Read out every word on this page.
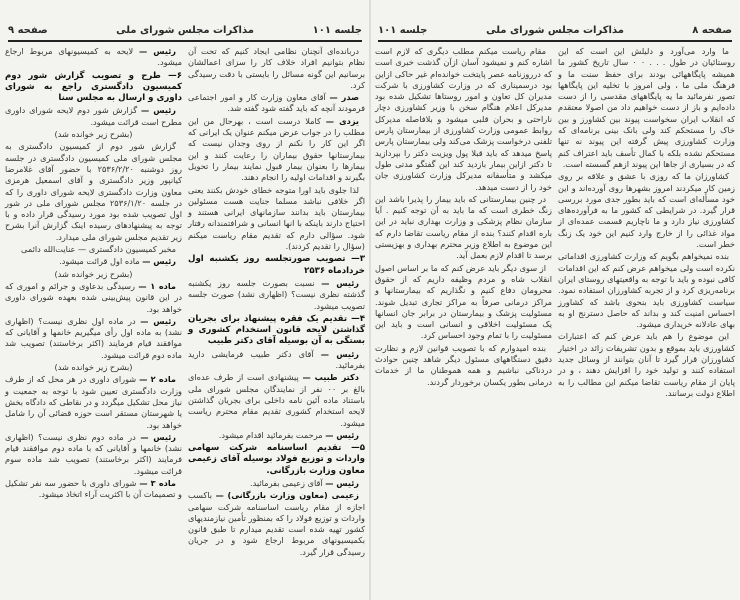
جلسه ۱۰۱
مذاکرات مجلس شورای ملی
صفحه ۹

دربانده‌ای آنچنان نظامی ایجاد کنیم که تحت آن نظام بتوانیم افراد خلاف کار را سزای اعمالشان برسانیم این گونه مسائل را بایستی با دقت رسیدگی کرد.

صدر — آقای معاون وزارت کار و امور اجتماعی فرمودند آنچه که باید گفته شود گفته شد.

یزدی — کاملا درست است ، بهرحال من این مطلب را در جواب عرض میکنم عنوان یک ایرانی که اگر این کار را نکنم از روی وجدان نیست که بیمارستانها حقوق بیماران را رعایت کنند و این بیمارها را بعنوان بیمار قبول نمایند بیمار را تحویل بگیرند و اقدامات اولیه را انجام دهند.

لذا جلوی باید اورا متوجه خطای خودش بکنند یعنی اگر خلافی نباشد مسلما جنایت هست مسئولین بیمارستان باید بدانند سازمانهای ایرانی هستند و احتیاج دارند باینکه با انها انسانی و شرافتمندانه رفتار شود. سؤالی دارم که تقدیم مقام ریاست میکنم (سؤال را تقدیم کردند).

۳— تصویب صورتجلسه روز یکشنبه اول خردادماه ۲۵۳۶

رئیس — نسبت بصورت جلسه روز یکشنبه گذشته نظری نیست؟ (اظهاری نشد) صورت جلسه تصویب میشود.

۴— تقدیم یک فقره پیشنهاد برای بجریان گذاشتن لایحه قانون استخدام کشوری و بستگی به آن بوسیله آقای دکتر طبیب

رئیس — آقای دکتر طبیب فرمایشی دارید بفرمائید.

دکتر طبیب — پیشنهادی است از طرف عده‌ای بالغ بر ۰۰ نفر از نمایندگان مجلس شورای ملی باستناد ماده آئین نامه داخلی برای بجریان گذاشتن لایحه استخدام کشوری تقدیم مقام محترم ریاست میشود.

رئیس — مرحمت بفرمائید اقدام میشود.

۵— تقدیم اساسنامه شرکت سهامی واردات و توزیع فولاد بوسیله آقای زعیمی معاون وزارت بازرگانی.

رئیس — آقای زعیمی بفرمائید.

زعیمی (معاون وزارت بازرگانی) — باکسب اجازه از مقام ریاست اساسنامه شرکت سهامی واردات و توزیع فولاد را که بمنظور تأمین نیازمندیهای کشور تهیه شده است تقدیم میدارم تا طبق قانون بکمیسیونهای مربوط ارجاع شود و در جریان رسیدگی قرار گیرد.

رئیس — لایحه به کمیسیونهای مربوط ارجاع میشود.

۶— طرح و تصویب گزارش شور دوم کمیسیون دادگستری راجع به شورای داوری و ارسال به مجلس سنا

رئیس — گزارش شور دوم لایحه شورای داوری مطرح است قرائت میشود.

(بشرح زیر خوانده شد)

گزارش شور دوم از کمیسیون دادگستری به مجلس شورای ملی کمیسیون دادگستری در جلسه روز دوشنبه ۲۵۳۶/۲/۲۰ با حضور آقای غلامرضا کیانپور وزیر دادگستری و آقای اسمعیل هرمزی معاون وزارت دادگستری لایحه شورای داوری را که در جلسه ۲۵۳۶/۱/۲۰ مجلس شورای ملی در شور اول تصویب شده بود مورد رسیدگی قرار داده و با توجه به پیشنهادهای رسیده اینک گزارش آنرا بشرح زیر تقدیم مجلس شورای ملی میدارد.

مخبر کمیسیون دادگستری — عنایت‌الله دائمی

رئیس — ماده اول قرائت میشود.

(بشرح زیر خوانده شد)

ماده ۱ — رسیدگی بدعاوی و جرائم و اموری که در این قانون پیش‌بینی شده بعهده شورای داوری خواهد بود.

رئیس — در ماده اول نظری نیست؟ (اظهاری نشد) به ماده اول رأی میگیریم خانمها و آقایانی که موافقند قیام فرمایند (اکثر برخاستند) تصویب شد ماده دوم قرائت میشود.

(بشرح زیر خوانده شد)

ماده ۲ — شورای داوری در هر محل که از طرف وزارت دادگستری تعیین شود با توجه به جمعیت و نیاز محل تشکیل میگردد و در نقاطی که دادگاه بخش یا شهرستان مستقر است حوزه قضائی آن را شامل خواهد بود.

رئیس — در ماده دوم نظری نیست؟ (اظهاری نشد) خانمها و آقایانی که با ماده دوم موافقند قیام فرمایند (اکثر برخاستند) تصویب شد ماده سوم قرائت میشود.

ماده ۳ — شورای داوری با حضور سه نفر تشکیل و تصمیمات آن با اکثریت آراء اتخاذ میشود.

صفحه ۸
مذاکرات مجلس شورای ملی
جلسه ۱۰۱

ما وارد می‌آورد و دلیلش این است که این روستائیان در طول . . . ۰ ۰ سال تاریخ کشور ما همیشه پایگاههائی بودند برای حفظ سنت ما و فرهنگ ملی ما ، ولی امروز با تخلیه این پایگاهها تصور نفرمائید ما یه پایگاههای مقدسی را از دست داده‌ایم و باز از دست خواهیم داد من اصولا معتقدم که انقلاب ایران سخواست پیوند بین کشاورز و بین خاک را مستحکم کند ولی بانک بینی برنامه‌ای که وزارت کشاورزی پیش گرفته این پیوند نه تنها مستحکم نشده بلکه با کمال تأسف باید اعتراف کنم که در بسیاری از جاها این پیوند ازهم گسسته است.

کشاورزان ما که روزی با عشق و علاقه بر روی زمین کار میکردند امروز بشهرها روی آورده‌اند و این خود مسأله‌ای است که باید بطور جدی مورد بررسی قرار گیرد. در شرایطی که کشور ما به فرآورده‌های کشاورزی نیاز دارد و ما ناچاریم قسمت عمده‌ای از مواد غذائی را از خارج وارد کنیم این خود یک زنگ خطر است.

بنده نمیخواهم بگویم که وزارت کشاورزی اقداماتی نکرده است ولی میخواهم عرض کنم که این اقدامات کافی نبوده و باید با توجه به واقعیتهای روستای ایران برنامه‌ریزی کرد و از تجربه کشاورزان استفاده نمود. سیاست کشاورزی باید بنحوی باشد که کشاورز احساس امنیت کند و بداند که حاصل دسترنج او به بهای عادلانه خریداری میشود.

این موضوع را هم باید عرض کنم که اعتبارات کشاورزی باید بموقع و بدون تشریفات زائد در اختیار کشاورزان قرار گیرد تا آنان بتوانند از وسائل جدید استفاده کنند و تولید خود را افزایش دهند ، و در پایان از مقام ریاست تقاضا میکنم این مطالب را به اطلاع دولت برسانند.

مقام ریاست میکنم مطلب دیگری که لازم است اشاره کنم و نمیشود آسان ازآن گذشت خبری است که درروزنامه عصر پایتخت خوانده‌ام غیر حاکی ازاین بود درسمیناری که در وزارت کشاورزی با شرکت مدیران کل تعاون و امور روستاها تشکیل شده بود مدیرکل اعلام هنگام سخن با وزیر کشاورزی دچار ناراحتی و بحران قلبی میشود و بلافاصله مدیرکل روابط عمومی وزارت کشاورزی از بیمارستان پارس تلفنی درخواست پزشک می‌کند ولی بیمارستان پارس پاسخ میدهد که باید قبلا پول ویزیت دکتر را بپردازید تا دکتر ازاین بیمار بازدید کند این گفتگو مدتی طول میکشد و متأسفانه مدیرکل وزارت کشاورزی جان خود را از دست میدهد.

در چنین بیمارستانی که باید بیمار را پذیرا باشد این زنگ خطری است که ما باید به آن توجه کنیم . آیا سازمان نظام پزشکی و وزارت بهداری نباید در این باره اقدام کنند؟ بنده از مقام ریاست تقاضا دارم که این موضوع به اطلاع وزیر محترم بهداری و بهزیستی برسد تا اقدام لازم بعمل آید.

از سوی دیگر باید عرض کنم که ما بر اساس اصول انقلاب شاه و مردم وظیفه داریم که از حقوق محرومان دفاع کنیم و نگذاریم که بیمارستانها و مراکز درمانی صرفاً به مراکز تجاری تبدیل شوند. مسئولیت پزشک و بیمارستان در برابر جان انسانها یک مسئولیت اخلاقی و انسانی است و باید این مسئولیت را با تمام وجود احساس کرد.

بنده امیدوارم که با تصویب قوانین لازم و نظارت دقیق دستگاههای مسئول دیگر شاهد چنین حوادث دردناکی نباشیم و همه هموطنان ما از خدمات درمانی بطور یکسان برخوردار گردند.
